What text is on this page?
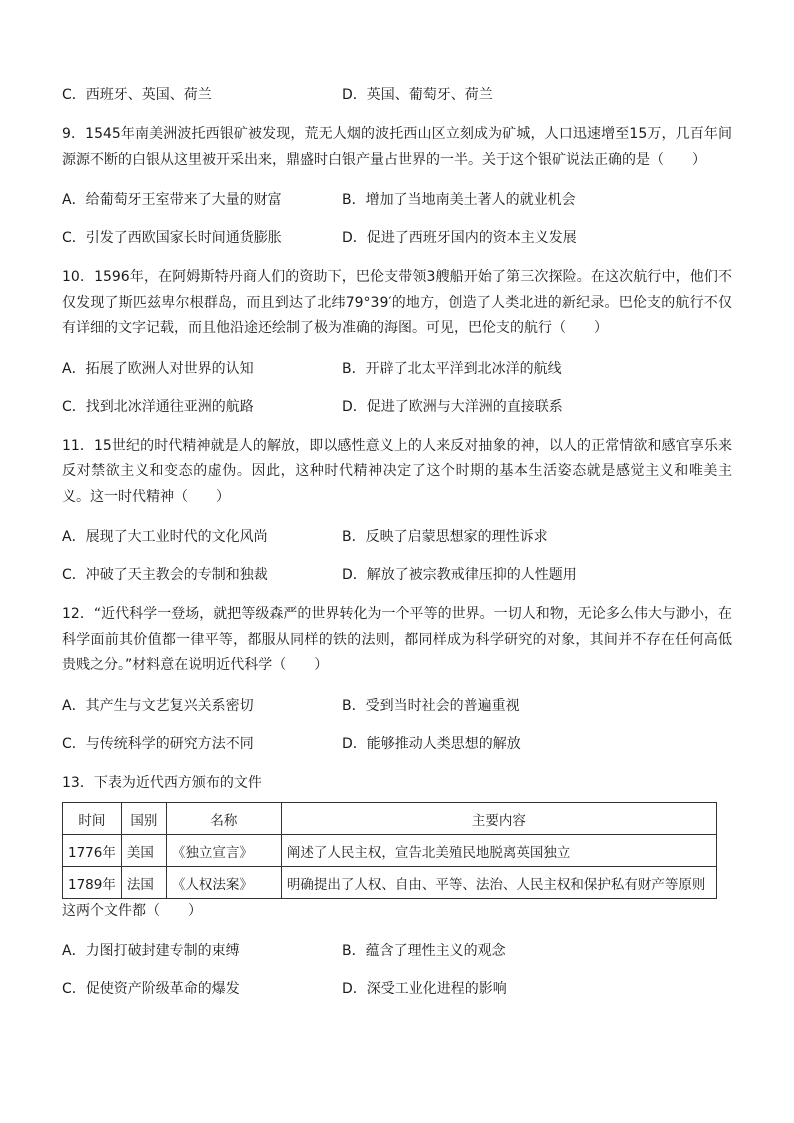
C．西班牙、英国、荷兰	D．英国、葡萄牙、荷兰
9．1545年南美洲波托西银矿被发现，荒无人烟的波托西山区立刻成为矿城，人口迅速增至15万，几百年间源源不断的白银从这里被开采出来，鼎盛时白银产量占世界的一半。关于这个银矿说法正确的是（　　）
A．给葡萄牙王室带来了大量的财富	B．增加了当地南美土著人的就业机会
C．引发了西欧国家长时间通货膨胀	D．促进了西班牙国内的资本主义发展
10．1596年，在阿姆斯特丹商人们的资助下，巴伦支带领3艘船开始了第三次探险。在这次航行中，他们不仅发现了斯匹兹卑尔根群岛，而且到达了北纬79°39′的地方，创造了人类北进的新纪录。巴伦支的航行不仅有详细的文字记载，而且他沿途还绘制了极为准确的海图。可见，巴伦支的航行（　　）
A．拓展了欧洲人对世界的认知	B．开辟了北太平洋到北冰洋的航线
C．找到北冰洋通往亚洲的航路	D．促进了欧洲与大洋洲的直接联系
11．15世纪的时代精神就是人的解放，即以感性意义上的人来反对抽象的神，以人的正常情欲和感官享乐来反对禁欲主义和变态的虚伪。因此，这种时代精神决定了这个时期的基本生活姿态就是感觉主义和唯美主义。这一时代精神（　　）
A．展现了大工业时代的文化风尚	B．反映了启蒙思想家的理性诉求
C．冲破了天主教会的专制和独裁	D．解放了被宗教戒律压抑的人性题用
12．“近代科学一登场，就把等级森严的世界转化为一个平等的世界。一切人和物，无论多么伟大与渺小，在科学面前其价值都一律平等，都服从同样的铁的法则，都同样成为科学研究的对象，其间并不存在任何高低贵贱之分。”材料意在说明近代科学（　　）
A．其产生与文艺复兴关系密切	B．受到当时社会的普遍重视
C．与传统科学的研究方法不同	D．能够推动人类思想的解放
13．下表为近代西方颁布的文件
时间	国别	名称	主要内容
1776年	美国	《独立宣言》	阐述了人民主权，宣告北美殖民地脱离英国独立
1789年	法国	《人权法案》	明确提出了人权、自由、平等、法治、人民主权和保护私有财产等原则
这两个文件都（　　）
A．力图打破封建专制的束缚	B．蕴含了理性主义的观念
C．促使资产阶级革命的爆发	D．深受工业化进程的影响
